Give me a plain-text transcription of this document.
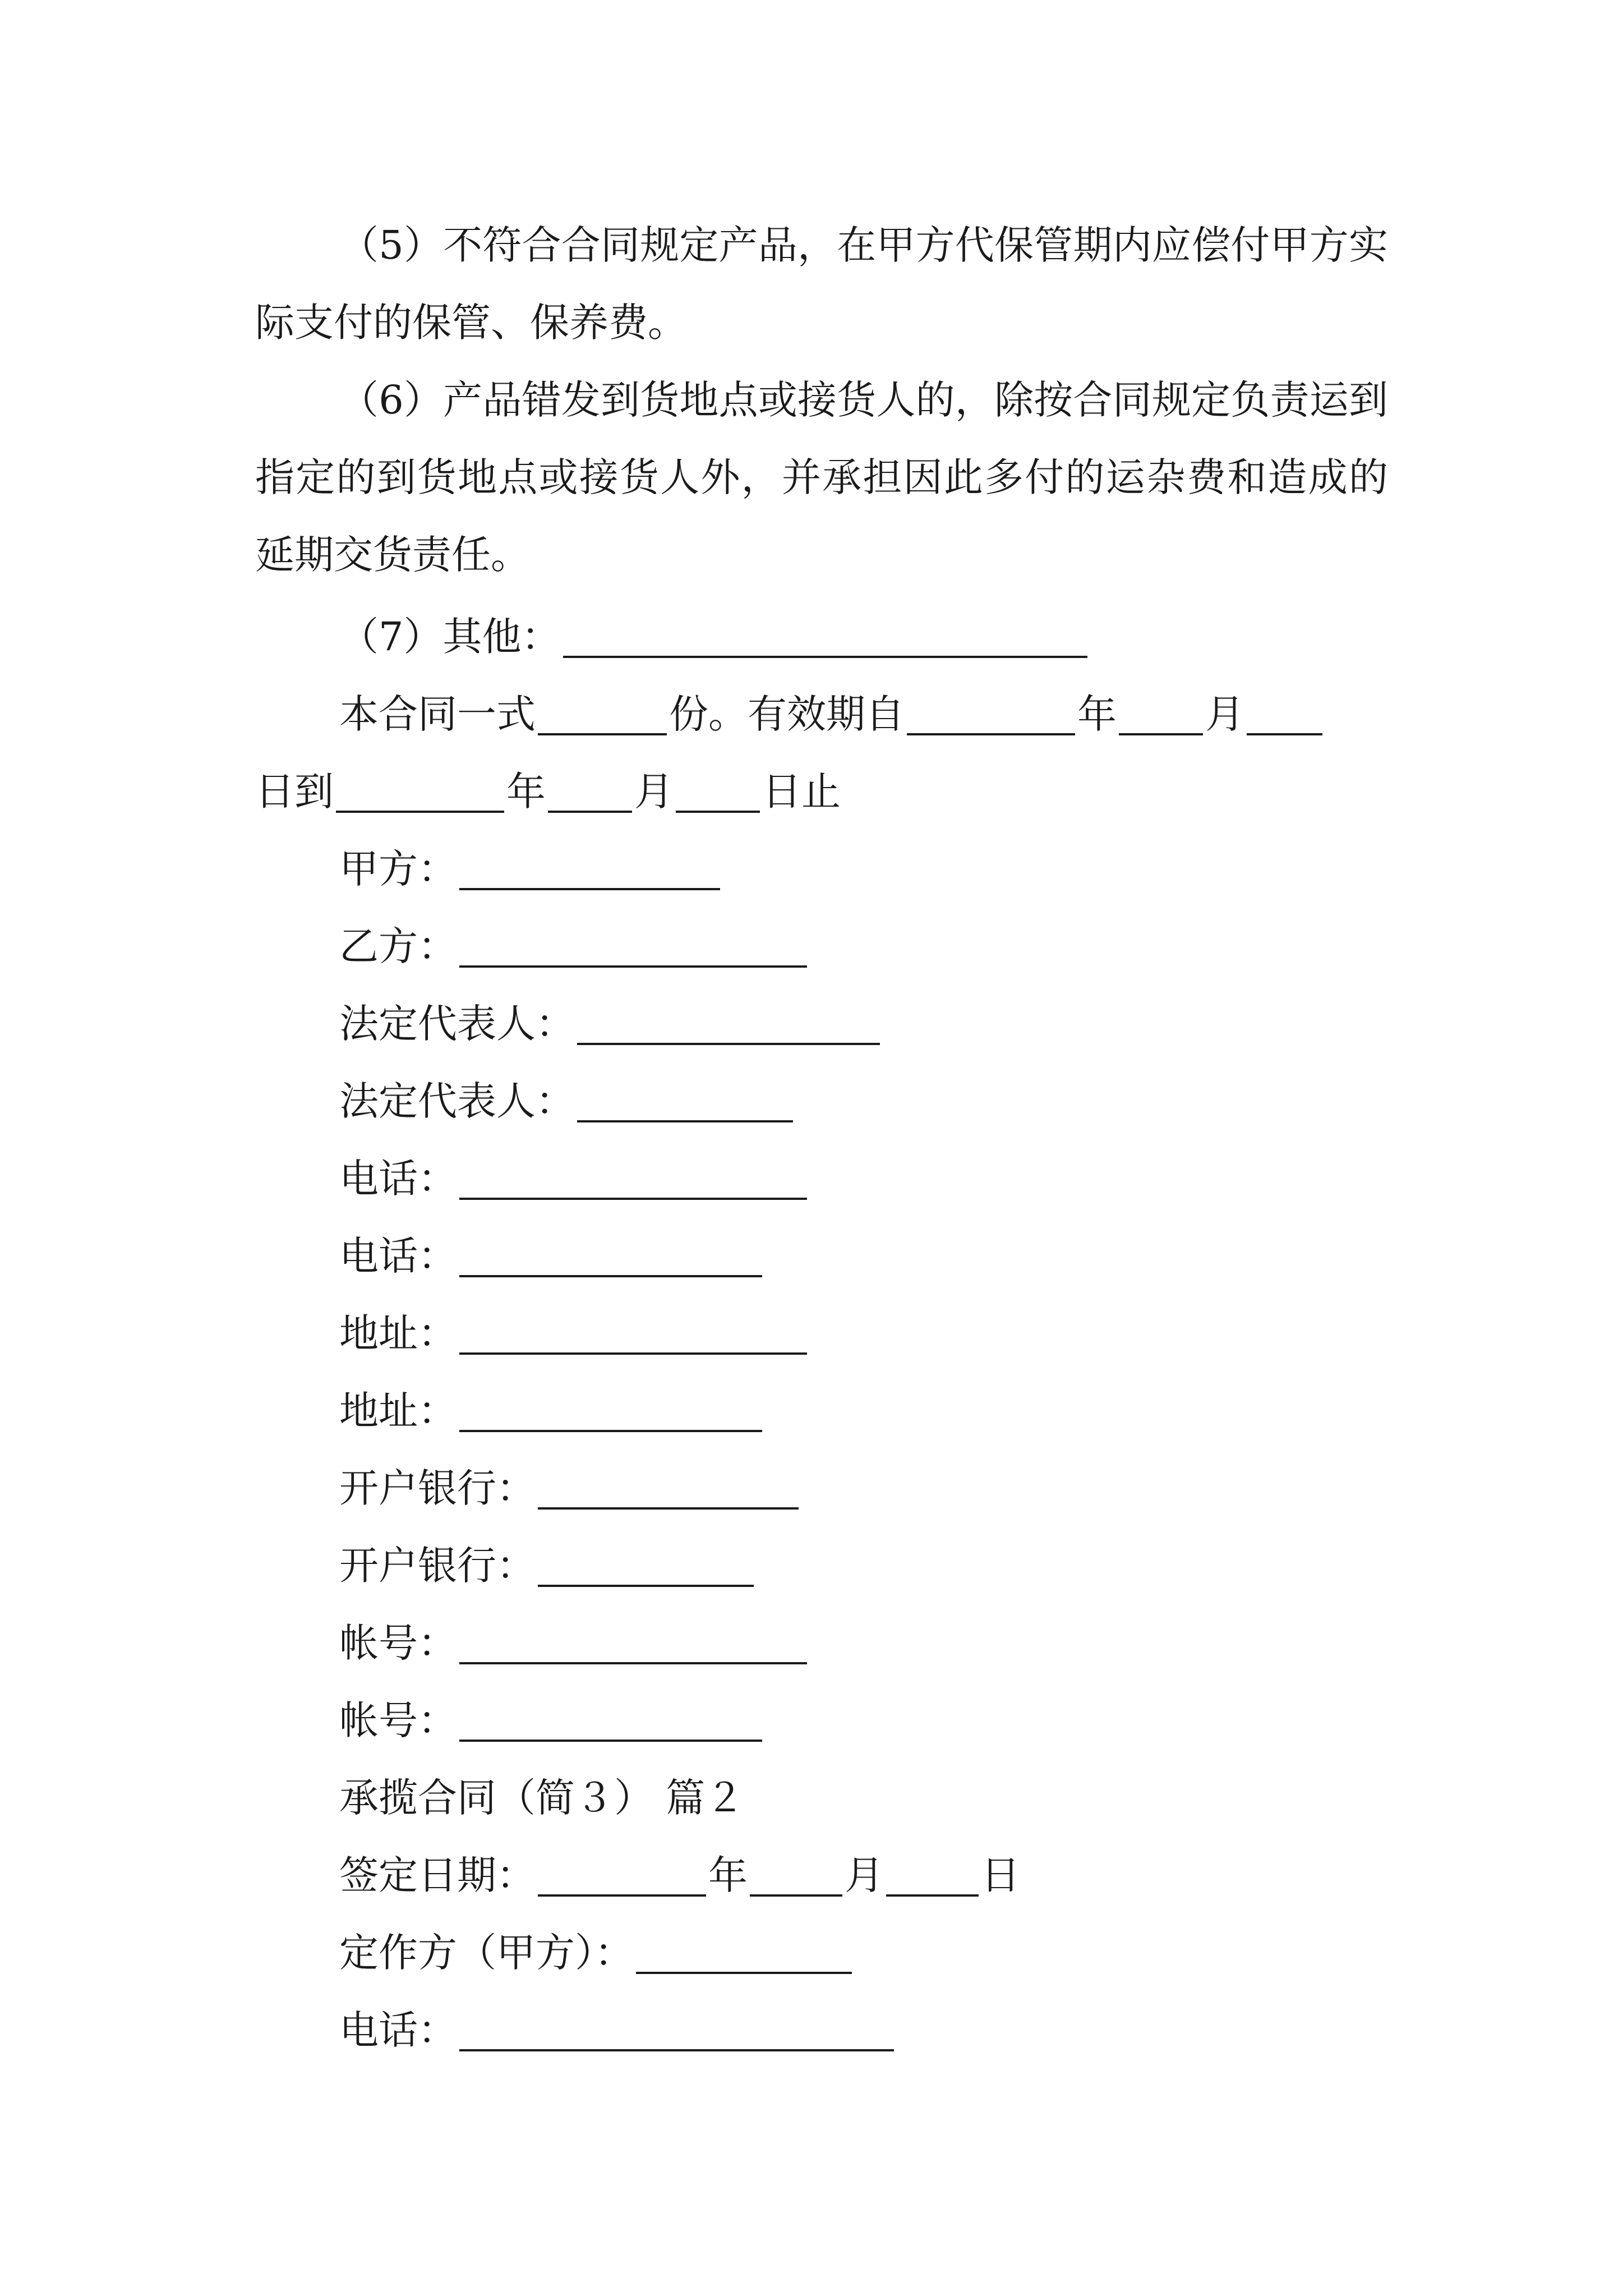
（5）不符合合同规定产品，在甲方代保管期内应偿付甲方实际支付的保管、保养费。

（6）产品错发到货地点或接货人的，除按合同规定负责运到指定的到货地点或接货人外，并承担因此多付的运杂费和造成的延期交货责任。

（7）其他：
本合同一式	份。有效期自	年 月
日到	年 月 日止
甲方：
乙方：
法定代表人：
法定代表人：
电话：
电话：
地址：
地址：
开户银行：
开户银行：
帐号：
帐号：
承揽合同（简３） 篇２
签定日期：	年 月 日
定作方（甲方）：
电话：
